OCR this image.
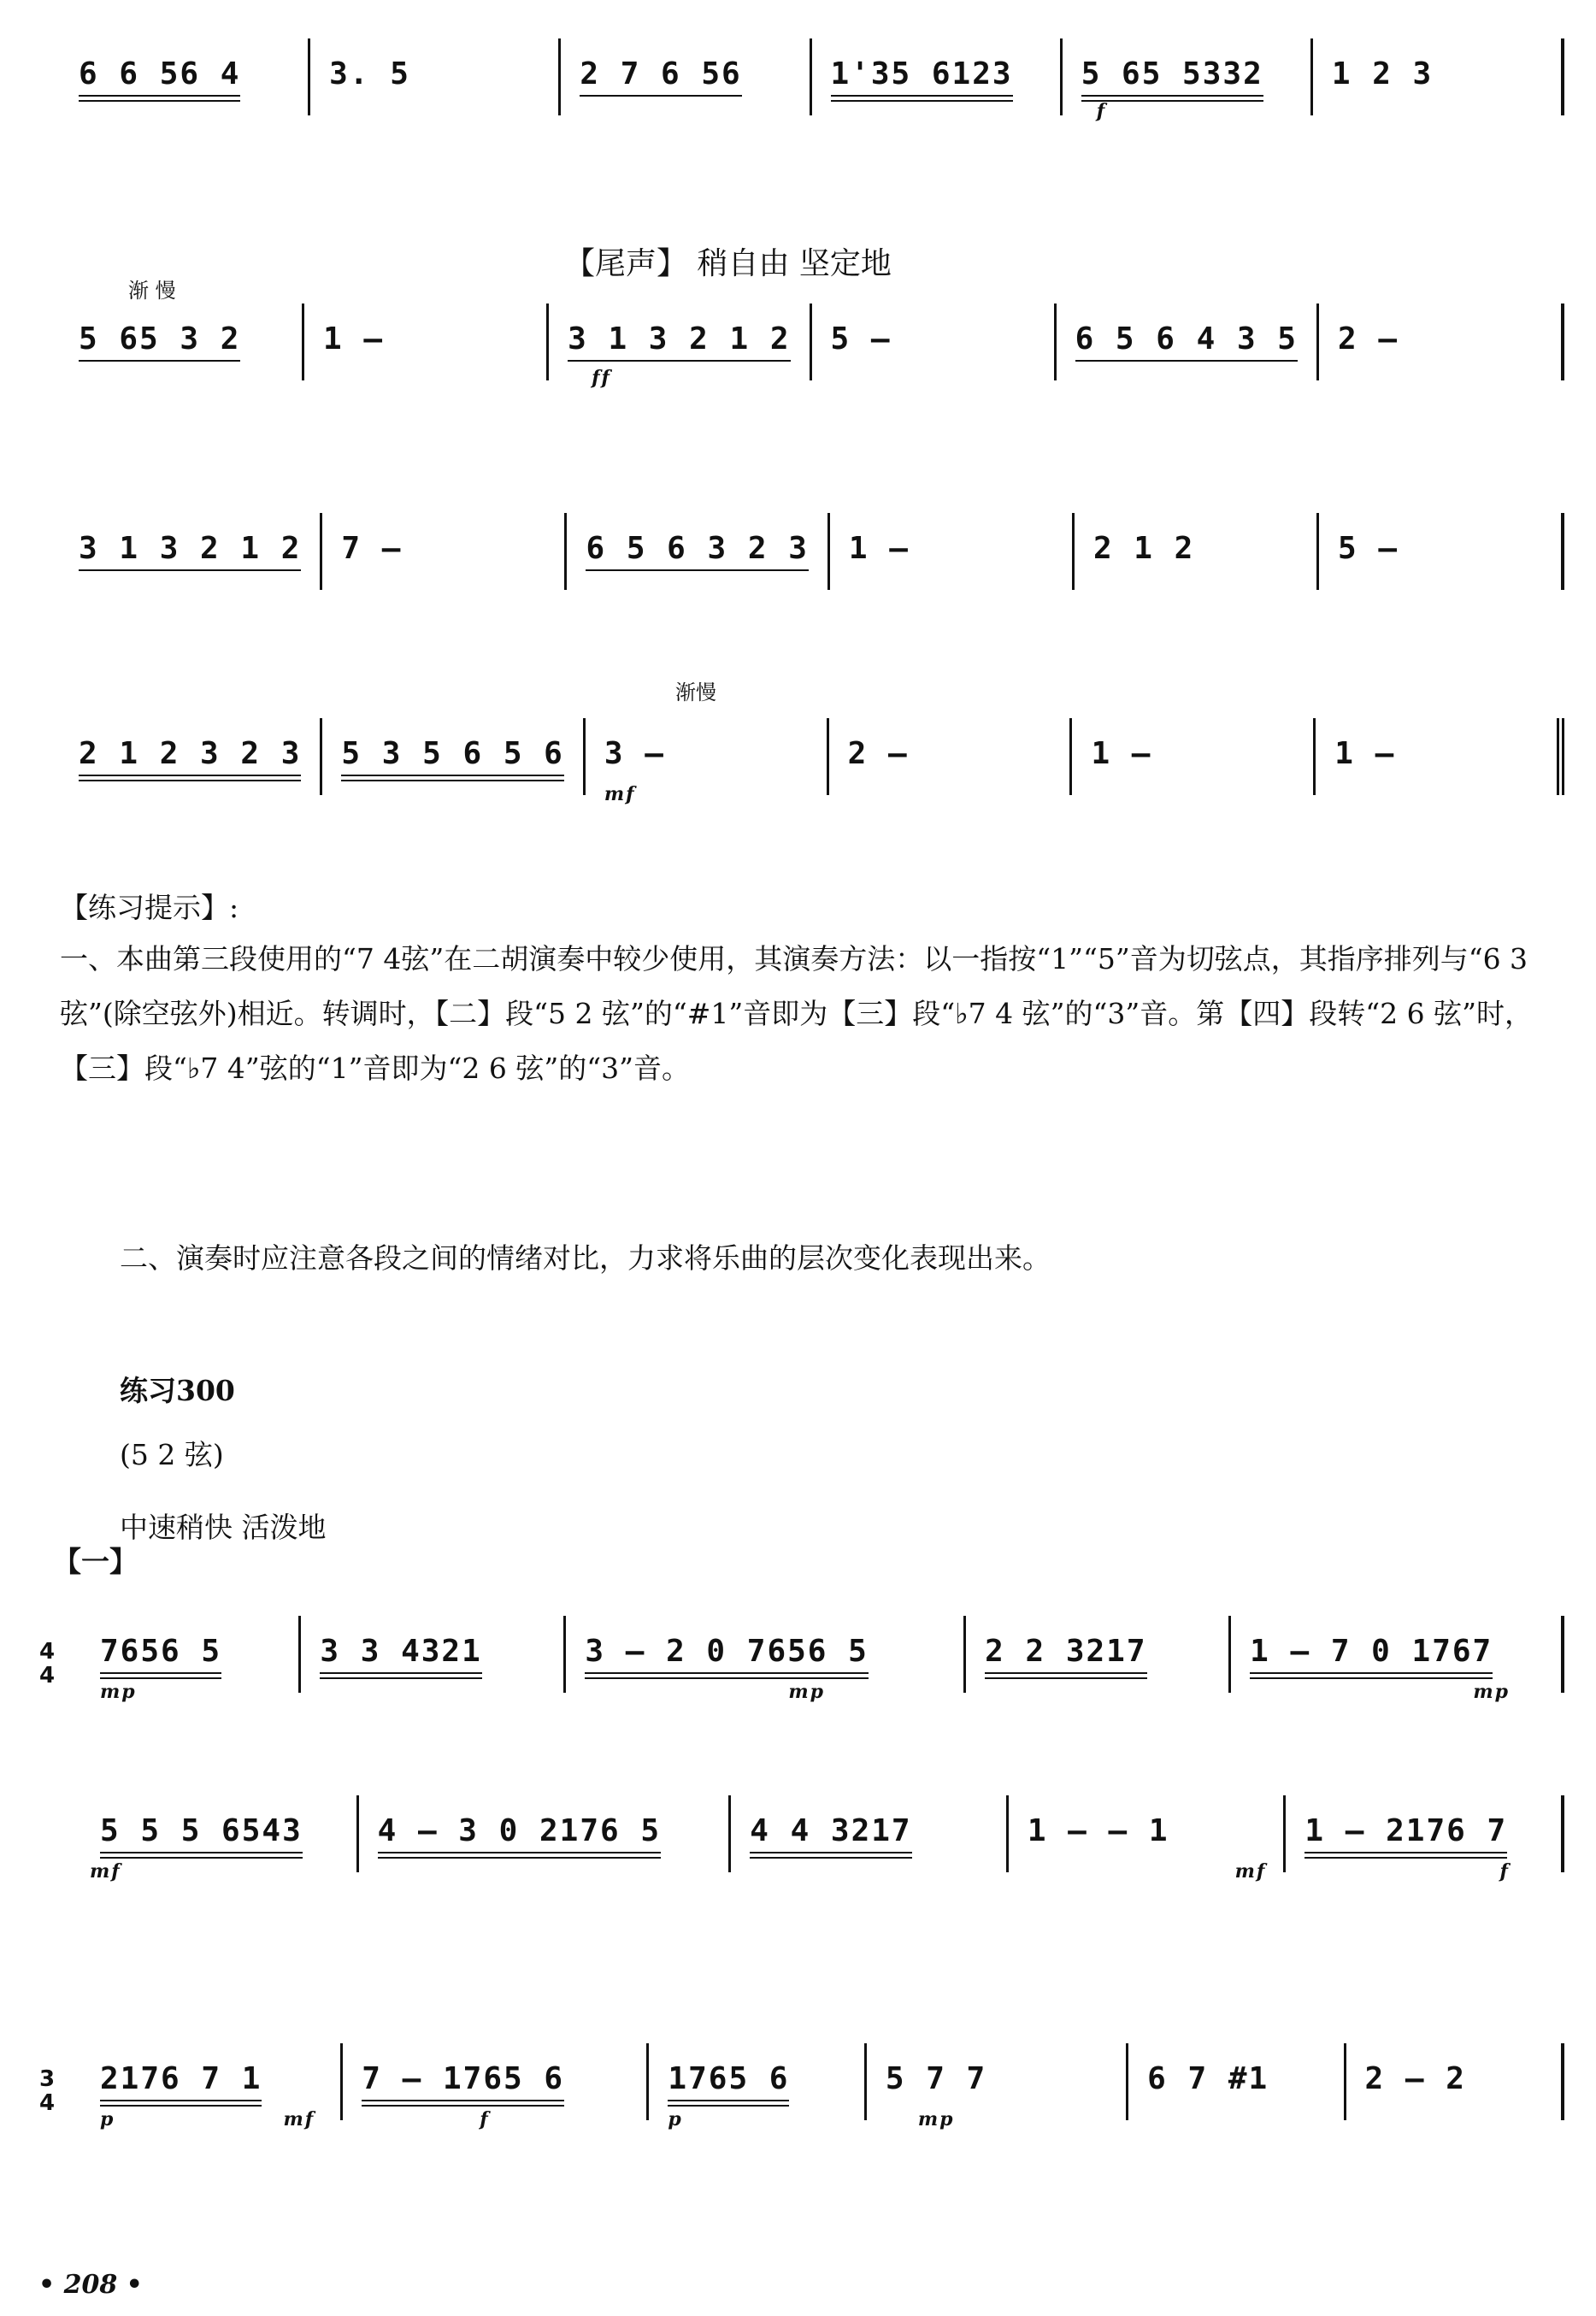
6 6 56 4	3. 5	2 7 6 56	1'35 6123 5 65 5332
f
1 2 3
【尾声】 稍自由 坚定地
渐 慢
5 65 3 2	1 –	3 1 3 2 1 2
ff
5 –	6 5 6 4 3 5 2 –
3 1 3 2 1 2 7 –	6 5 6 3 2 3 1 –	2 1 2	5 –
渐慢
2 1 2 3 2 3 5 3 5 6 5 6 3 –
mf
2 –	1 –	1 –
【练习提示】:
一、本曲第三段使用的“7 4弦”在二胡演奏中较少使用，其演奏方法：以一指按“1”“5”音为切弦点，其指序排列与“6 3 弦”(除空弦外)相近。转调时，【二】段“5 2 弦”的“#1”音即为【三】段“♭7 4 弦”的“3”音。第【四】段转“2 6 弦”时，【三】段“♭7 4”弦的“1”音即为“2 6 弦”的“3”音。
二、演奏时应注意各段之间的情绪对比，力求将乐曲的层次变化表现出来。
练习300
(5 2 弦)
中速稍快 活泼地
【一】
4
4
7656 5
mp
3 3 4321	3 – 2 0 7656 5
mp
2 2 3217	1 – 7 0 1767
mp
5 5 5 6543
mf
4 – 3 0 2176 5	4 4 3217	1 – – 1
mf
1 – 2176 7
f
3
4
2176 7 1
p	mf
7 – 1765 6
f
1765 6
p
5 7 7
mp
6 7 #1	2 – 2
• 208 •
